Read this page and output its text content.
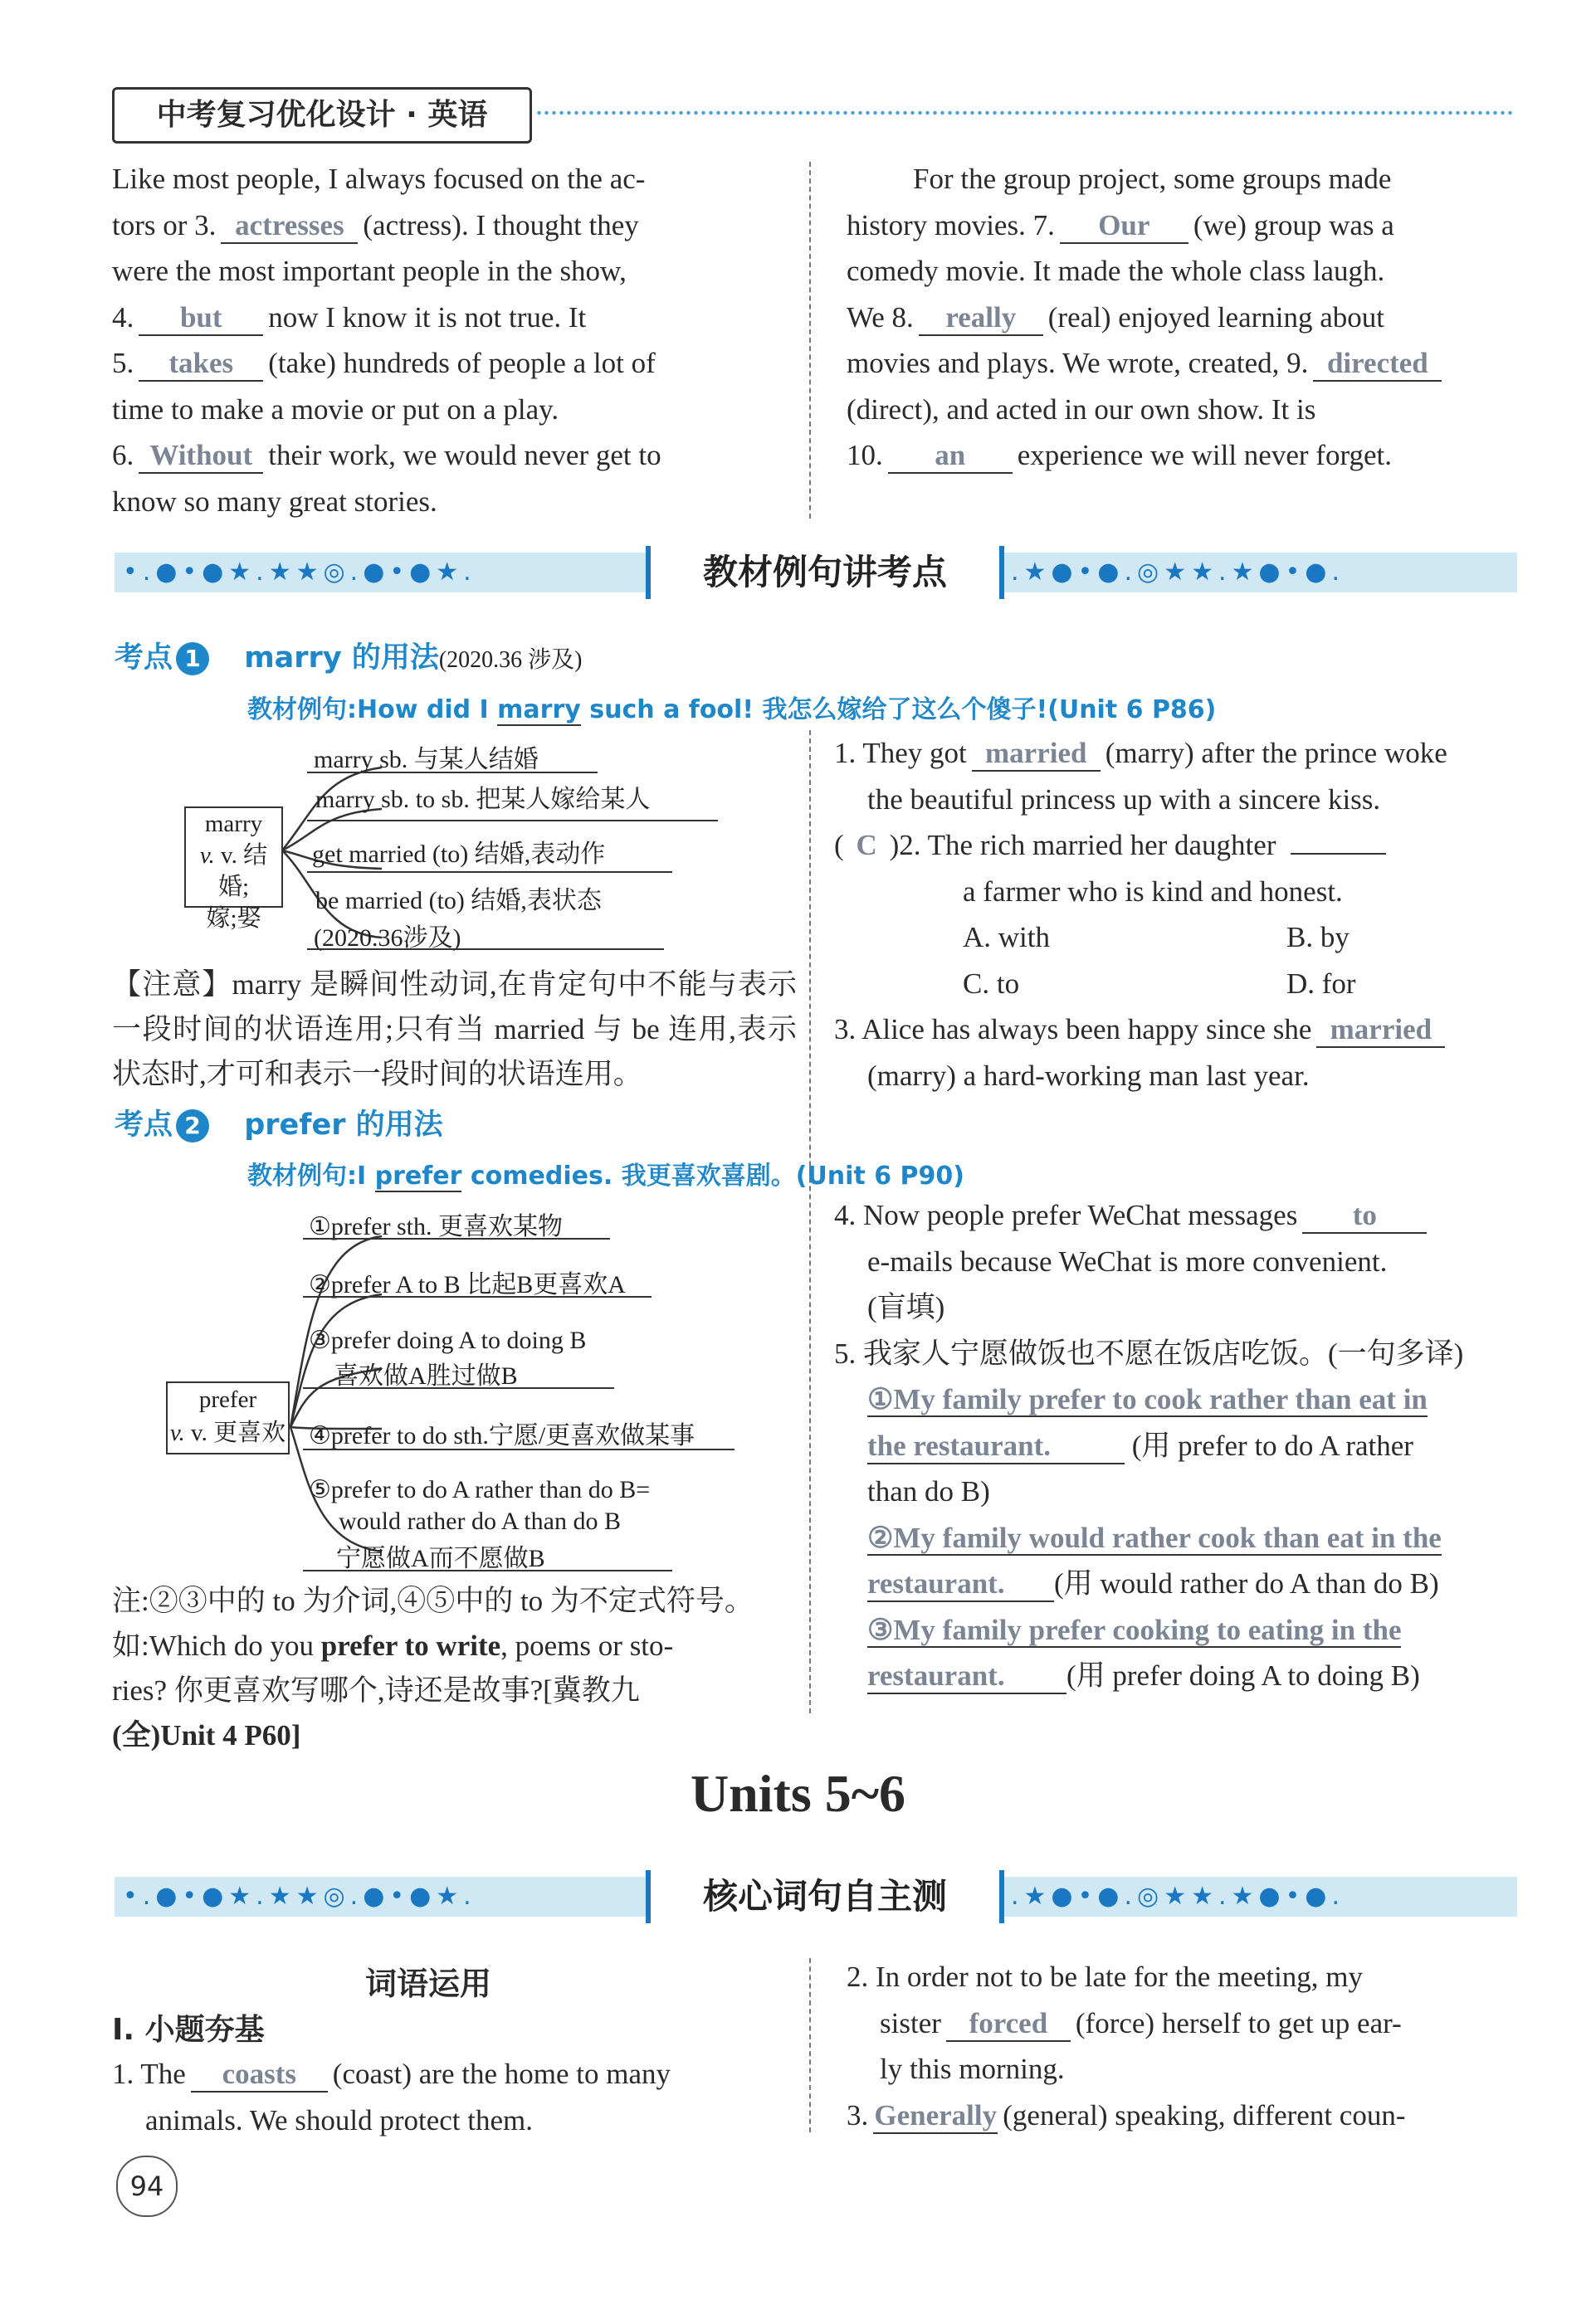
中考复习优化设计 · 英语
Like most people, I always focused on the ac-
tors or 3. actresses (actress). I thought they
were the most important people in the show,
4. but now I know it is not true. It
5. takes (take) hundreds of people a lot of
time to make a movie or put on a play.
6. Without their work, we would never get to
know so many great stories.
For the group project, some groups made
history movies. 7. Our (we) group was a
comedy movie. It made the whole class laugh.
We 8. really (real) enjoyed learning about
movies and plays. We wrote, created, 9. directed
(direct), and acted in our own show. It is
10. an experience we will never forget.
•.●•●★.★★◎.●•●★.	教材例句讲考点	.★●•●.◎★★.★●•●.
考点 1 marry 的用法(2020.36 涉及)
教材例句:How did I marry such a fool! 我怎么嫁给了这么个傻子!(Unit 6 P86)
marry
v. v. 结婚;
嫁;娶
marry sb. 与某人结婚
marry sb. to sb. 把某人嫁给某人
get married (to) 结婚,表动作
be married (to) 结婚,表状态
(2020.36涉及)
【注意】marry 是瞬间性动词,在肯定句中不能与表示一段时间的状语连用;只有当 married 与 be 连用,表示状态时,才可和表示一段时间的状语连用。
1. They got married (marry) after the prince woke
the beautiful princess up with a sincere kiss.
( C )2. The rich married her daughter
a farmer who is kind and honest.
A. with	B. by
C. to	D. for
3. Alice has always been happy since she married
(marry) a hard-working man last year.
考点 2 prefer 的用法
教材例句:I prefer comedies. 我更喜欢喜剧。(Unit 6 P90)
prefer
v. v. 更喜欢
①prefer sth. 更喜欢某物
②prefer A to B 比起B更喜欢A
③prefer doing A to doing B
喜欢做A胜过做B
④prefer to do sth.宁愿/更喜欢做某事
⑤prefer to do A rather than do B=
would rather do A than do B
宁愿做A而不愿做B
注:②③中的 to 为介词,④⑤中的 to 为不定式符号。
如:Which do you prefer to write, poems or sto-
ries? 你更喜欢写哪个,诗还是故事?[冀教九
(全)Unit 4 P60]
4. Now people prefer WeChat messages to
e-mails because WeChat is more convenient.
(盲填)
5. 我家人宁愿做饭也不愿在饭店吃饭。(一句多译)
①My family prefer to cook rather than eat in
the restaurant.	(用 prefer to do A rather
than do B)
②My family would rather cook than eat in the
restaurant. (用 would rather do A than do B)
③My family prefer cooking to eating in the
restaurant. (用 prefer doing A to doing B)
Units 5~6
•.●•●★.★★◎.●•●★.	核心词句自主测	.★●•●.◎★★.★●•●.
词语运用
Ⅰ. 小题夯基
1. The coasts (coast) are the home to many
animals. We should protect them.
2. In order not to be late for the meeting, my
sister forced (force) herself to get up ear-
ly this morning.
3. Generally (general) speaking, different coun-
94
